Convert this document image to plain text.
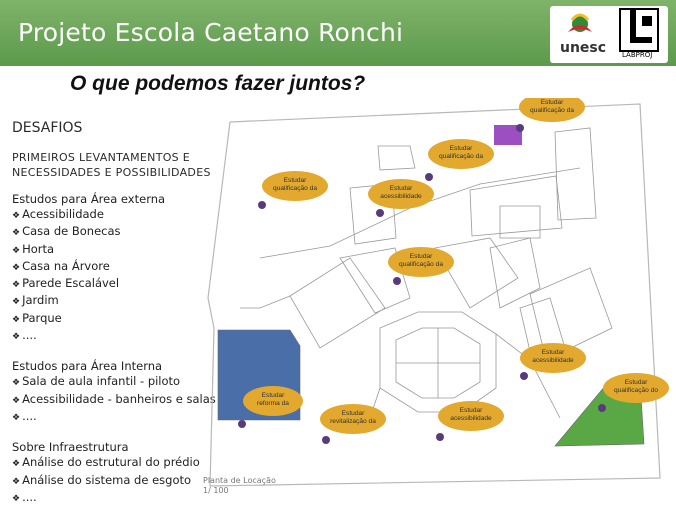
Projeto Escola Caetano Ronchi
LABPROJ
unesc
O que podemos fazer juntos?
DESAFIOS
PRIMEIROS LEVANTAMENTOS E
NECESSIDADES E POSSIBILIDADES
Estudos para Área externa
❖ Acessibilidade
❖ Casa de Bonecas
❖ Horta
❖ Casa na Árvore
❖ Parede Escalável
❖ Jardim
❖ Parque
❖ ....
Estudos para Área Interna
❖ Sala de aula infantil - piloto
❖ Acessibilidade - banheiros e salas
❖ ....
Sobre Infraestrutura
❖ Análise do estrutural do prédio
❖ Análise do sistema de esgoto
❖ ....
Estudar
qualificação da
Estudar
qualificação da
Estudar
qualificação da	Estudar
acessibilidade
Estudar
qualificação da
Estudar
acessibilidade
Estudar
qualificação do
Estudar
reforma da
Estudar
revitalização da
Estudar
acessibilidade
Planta de Locação
1/ 100
